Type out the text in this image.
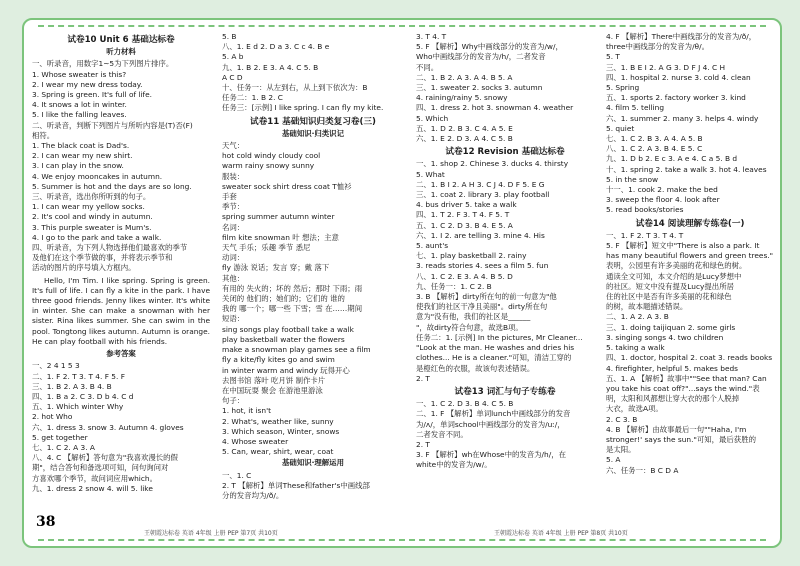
试卷10 Unit 6 基础达标卷
听力材料
一、听录音，用数字1~5为下列图片排序。
1. Whose sweater is this?
2. I wear my new dress today.
3. Spring is green. It's full of life.
4. It snows a lot in winter.
5. I like the falling leaves.
二、听录音，判断下列图片与所听内容是(T)否(F)
相符。
1. The black coat is Dad's.
2. I can wear my new shirt.
3. I can play in the snow.
4. We enjoy mooncakes in autumn.
5. Summer is hot and the days are so long.
三、听录音，选出你所听到的句子。
1. I can wear my yellow socks.
2. It's cool and windy in autumn.
3. This purple sweater is Mum's.
4. I go to the park and take a walk.
四、听录音，为下列人物选择他们最喜欢的季节
及他们在这个季节做的事，并将表示季节和
活动的图片的序号填入方框内。
Hello, I'm Tim. I like spring. Spring is green. It's full of life. I can fly a kite in the park. I have three good friends. Jenny likes winter. It's white in winter. She can make a snowman with her sister. Rina likes summer. She can swim in the pool. Tongtong likes autumn. Autumn is orange. He can play football with his friends.
参考答案
一、2 4 1 5 3
二、1. F 2. T 3. T 4. F 5. F
三、1. B 2. A 3. B 4. B
四、1. B a 2. C 3. D b 4. C d
五、1. Which winter Why
2. hot Who
六、1. dress 3. snow 3. Autumn 4. gloves
5. get together
七、1. C 2. A 3. A
八、4. C 【解析】答句意为"我喜欢漫长的假
期"，结合答句和备选项可知，问句询问对
方喜欢哪个季节，故问词应用which。
九、1. dress 2 snow 4. will 5. like
5. B
八、1. E d 2. D a 3. C c 4. B e
5. A b
九、1. B 2. E 3. A 4. C 5. B
A C D
十、任务一：从左到右，从上到下依次为：B
任务二：1. B 2. C
任务三：[示例] I like spring. I can fly my kite.
试卷11 基础知识归类复习卷(三)
基础知识·归类识记
天气：
hot cold windy cloudy cool
warm rainy snowy sunny
服装：
sweater sock shirt dress coat T恤衫
手套
季节：
spring summer autumn winter
名词：
film kite snowman 叶 想法；主意
天气 手乐；乐趣 季节 悉尼
动词：
fly 游泳 说话；发言 穿；戴 落下
其他：
有用的 失火的；坏的 然后；那时 下雨；雨
关闭的 他们的；她们的；它们的 谁的
我的 哪一个；哪一些 下雪；雪 在……期间
短语：
sing songs play football take a walk
play basketball water the flowers
make a snowman play games see a film
fly a kite/fly kites go and swim
in winter warm and windy 玩得开心
去图书馆 落叶 吃月饼 制作卡片
在中国玩耍 聚会 在游池里游泳
句子：
1. hot, it isn't
2. What's, weather like, sunny
3. Which season, Winter, snows
4. Whose sweater
5. Can, wear, shirt, wear, coat
基础知识·理解运用
一、1. C
2. T 【解析】单词These和father's中画线部
分的发音均为/ð/。
3. T 4. T
5. F 【解析】Why中画线部分的发音为/w/，
Who中画线部分的发音为/h/，二者发音
不同。
二、1. B 2. A 3. A 4. B 5. A
三、1. sweater 2. socks 3. autumn
4. raining/rainy 5. snowy
四、1. dress 2. hot 3. snowman 4. weather
5. Which
五、1. D 2. B 3. C 4. A 5. E
六、1. E 2. D 3. A 4. C 5. B
试卷12 Revision 基础达标卷
一、1. shop 2. Chinese 3. ducks 4. thirsty
5. What
二、1. B I 2. A H 3. C J 4. D F 5. E G
三、1. coat 2. library 3. play football
4. bus driver 5. take a walk
四、1. T 2. F 3. T 4. F 5. T
五、1. C 2. D 3. B 4. E 5. A
六、1. I 2. are telling 3. mine 4. His
5. aunt's
七、1. play basketball 2. rainy
3. reads stories 4. sees a film 5. fun
八、1. C 2. E 3. A 4. B 5. D
九、任务一：1. C 2. B
3. B 【解析】dirty所在句的前一句意为"他
使我们的社区干净且美丽"。dirty所在句
意为"没有他，我们的社区是______
"，故dirty符合句意，故选B项。
任务二：1. [示例] In the pictures, Mr Cleaner...
"Look at the man. He washes and dries his
clothes... He is a cleaner."可知，清洁工穿的
是橙红色的衣服，故该句表述错误。
2. T
试卷13 词汇与句子专练卷
一、1. C 2. D 3. B 4. C 5. B
二、1. F 【解析】单词lunch中画线部分的发音
为/ʌ/，单词school中画线部分的发音为/uː/，
二者发音不同。
2. T
3. F 【解析】wh在Whose中的发音为/h/，在
white中的发音为/w/。
4. F 【解析】There中画线部分的发音为/ð/，
three中画线部分的发音为/θ/。
5. T
三、1. B E I 2. A G 3. D F J 4. C H
四、1. hospital 2. nurse 3. cold 4. clean
5. Spring
五、1. sports 2. factory worker 3. kind
4. film 5. telling
六、1. summer 2. many 3. helps 4. windy
5. quiet
七、1. C 2. B 3. A 4. A 5. B
八、1. C 2. A 3. B 4. E 5. C
九、1. D b 2. E c 3. A e 4. C a 5. B d
十、1. spring 2. take a walk 3. hot 4. leaves
5. in the snow
十一、1. cook 2. make the bed
3. sweep the floor 4. look after
5. read books/stories
试卷14 阅读理解专练卷(一)
一、1. F 2. T 3. T 4. T
5. F 【解析】短文中"There is also a park. It
has many beautiful flowers and green trees."
表明，公园里有许多美丽的花和绿色的树。
通读全文可知，本文介绍的是Lucy梦想中
的社区。短文中没有提及Lucy提出所居
住的社区中是否有许多美丽的花和绿色
的树，故本题描述错误。
二、1. A 2. A 3. B
三、1. doing taijiquan 2. some girls
3. singing songs 4. two children
5. taking a walk
四、1. doctor, hospital 2. coat 3. reads books
4. firefighter, helpful 5. makes beds
五、1. A 【解析】故事中""See that man? Can
you take his coat off?"...says the wind."表
明，太阳和风都想让穿大衣的那个人脱掉
大衣，故选A项。
2. C 3. B
4. B 【解析】由故事最后一句""Haha, I'm
stronger!' says the sun."可知，最后获胜的
是太阳。
5. A
六、任务一：B C D A
38
王朝霞达标卷 英语 4年级 上册 PEP 第7页 共10页	王朝霞达标卷 英语 4年级 上册 PEP 第8页 共10页
